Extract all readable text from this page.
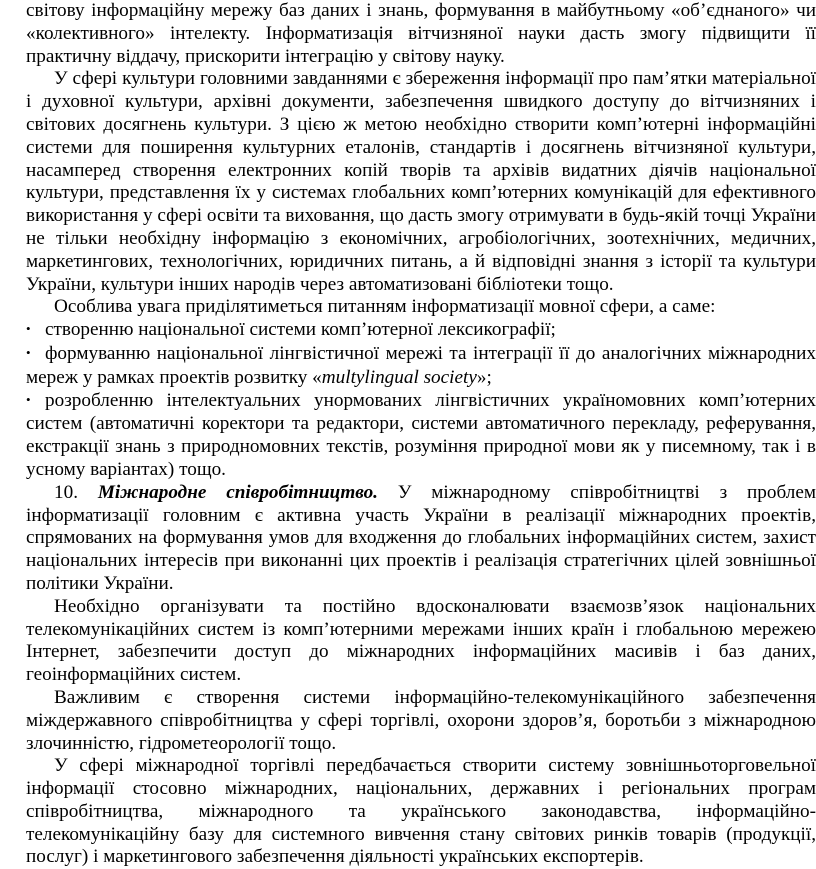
світову інформаційну мережу баз даних і знань, формування в майбутньому «об’єднаного» чи «колективного» інтелекту. Інформатизація вітчизняної науки дасть змогу підвищити її практичну віддачу, прискорити інтеграцію у світову науку.

У сфері культури головними завданнями є збереження інформації про пам’ятки матеріальної і духовної культури, архівні документи, забезпечення швидкого доступу до вітчизняних і світових досягнень культури. З цією ж метою необхідно створити комп’ютерні інформаційні системи для поширення культурних еталонів, стандартів і досягнень вітчизняної культури, насамперед створення електронних копій творів та архівів видатних діячів національної культури, представлення їх у системах глобальних комп’ютерних комунікацій для ефективного використання у сфері освіти та виховання, що дасть змогу отримувати в будь-якій точці України не тільки необхідну інформацію з економічних, агробіологічних, зоотехнічних, медичних, маркетингових, технологічних, юридичних питань, а й відповідні знання з історії та культури України, культури інших народів через автоматизовані бібліотеки тощо.

Особлива увага приділятиметься питанням інформатизації мовної сфери, а саме:

• створенню національної системи комп’ютерної лексикографії;

• формуванню національної лінгвістичної мережі та інтеграції її до аналогічних міжнародних мереж у рамках проектів розвитку «multylingual society»;

• розробленню інтелектуальних унормованих лінгвістичних україномовних комп’ютерних систем (автоматичні коректори та редактори, системи автоматичного перекладу, реферування, екстракції знань з природномовних текстів, розуміння природної мови як у писемному, так і в усному варіантах) тощо.

10. Міжнародне співробітництво. У міжнародному співробітництві з проблем інформатизації головним є активна участь України в реалізації міжнародних проектів, спрямованих на формування умов для входження до глобальних інформаційних систем, захист національних інтересів при виконанні цих проектів і реалізація стратегічних цілей зовнішньої політики України.

Необхідно організувати та постійно вдосконалювати взаємозв’язок національних телекомунікаційних систем із комп’ютерними мережами інших країн і глобальною мережею Інтернет, забезпечити доступ до міжнародних інформаційних масивів і баз даних, геоінформаційних систем.

Важливим є створення системи інформаційно-телекомунікаційного забезпечення міждержавного співробітництва у сфері торгівлі, охорони здоров’я, боротьби з міжнародною злочинністю, гідрометеорології тощо.

У сфері міжнародної торгівлі передбачається створити систему зовнішньоторговельної інформації стосовно міжнародних, національних, державних і регіональних програм співробітництва, міжнародного та українського законодавства, інформаційно-телекомунікаційну базу для системного вивчення стану світових ринків товарів (продукції, послуг) і маркетингового забезпечення діяльності українських експортерів.
